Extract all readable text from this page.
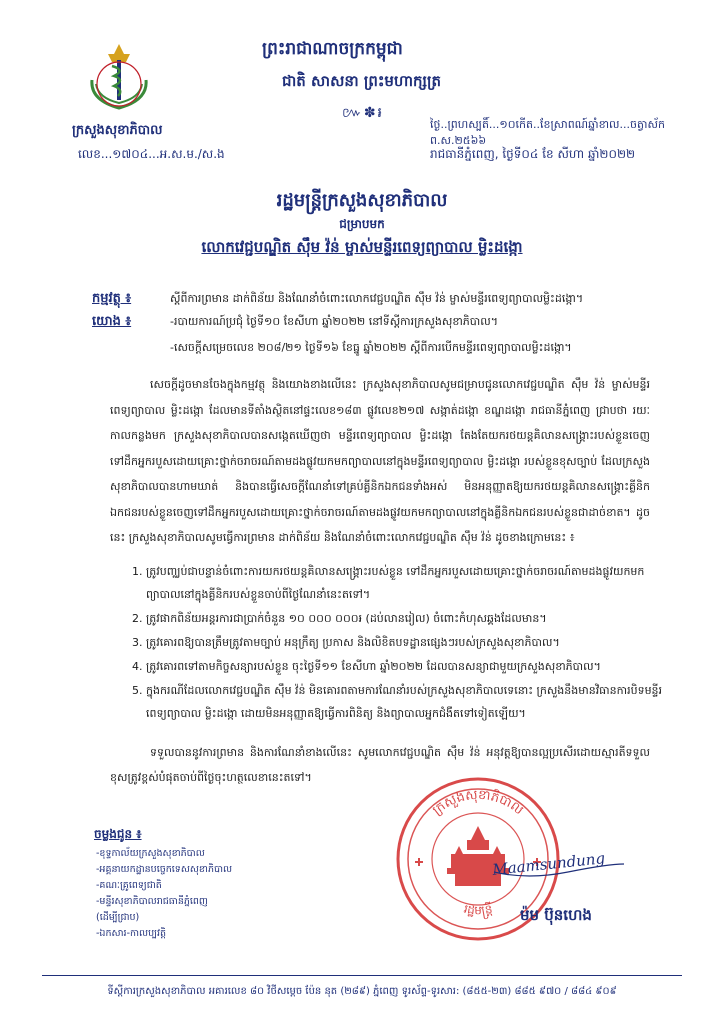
ព្រះរាជាណាចក្រកម្ពុជា
ជាតិ សាសនា ព្រះមហាក្សត្រ
៚✽៛
ក្រសួងសុខាភិបាល
លេខ...១៧០៤...អ.ស.ម./ស.ង
ថ្ងៃ..ព្រហស្បតិ៍...១០កើត..ខែស្រាពណ៍ឆ្នាំខាល...ចត្វាស័ក ព.ស.២៥៦៦
រាជធានីភ្នំពេញ, ថ្ងៃទី០៤ ខែ សីហា ឆ្នាំ២០២២
រដ្ឋមន្ត្រីក្រសួងសុខាភិបាល
ជម្រាបមក
លោកវេជ្ជបណ្ឌិត ស៊ឹម វ៉ន់ ម្ចាស់មន្ទីរពេទ្យព្យាបាល ម្លិះដង្កោ
កម្មវត្ថុ ៖	ស្ដីពីការព្រមាន ដាក់ពិន័យ និងណែនាំចំពោះលោកវេជ្ជបណ្ឌិត ស៊ឹម វ៉ន់ ម្ចាស់មន្ទីរពេទ្យព្យាបាលម្លិះដង្កោ។
យោង ៖	-របាយការណ៍ប្រជុំ ថ្ងៃទី១០ ខែសីហា ឆ្នាំ២០២២ នៅទីស្ដីការក្រសួងសុខាភិបាល។
-សេចក្ដីសម្រេចលេខ ២០៨/២១ ថ្ងៃទី១៦ ខែធ្នូ ឆ្នាំ២០២២ ស្ដីពីការបើកមន្ទីរពេទ្យព្យាបាលម្លិះដង្កោ។
សេចក្ដីដូចមានចែងក្នុងកម្មវត្ថុ និងយោងខាងលើនេះ ក្រសួងសុខាភិបាលសូមជម្រាបជូនលោកវេជ្ជបណ្ឌិត ស៊ឹម វ៉ន់ ម្ចាស់មន្ទីរពេទ្យព្យាបាល ម្លិះដង្កោ ដែលមានទីតាំងស្ថិតនៅផ្ទះលេខ១៨៣ ផ្លូវលេខ២១៧ សង្កាត់ដង្កោ ខណ្ឌដង្កោ រាជធានីភ្នំពេញ ជ្រាបថា រយៈកាលកន្លងមក ក្រសួងសុខាភិបាលបានសង្កេតឃើញថា មន្ទីរពេទ្យព្យាបាល ម្លិះដង្កោ តែងតែយករថយន្តគិលានសង្គ្រោះរបស់ខ្លួនចេញទៅដឹកអ្នករបួសដោយគ្រោះថ្នាក់ចរាចរណ៍តាមដងផ្លូវយកមកព្យាបាលនៅក្នុងមន្ទីរពេទ្យព្យាបាល ម្លិះដង្កោ របស់ខ្លួនខុសច្បាប់ ដែលក្រសួងសុខាភិបាលបានហាមឃាត់ និងបានធ្វើសេចក្ដីណែនាំទៅគ្រប់គ្លីនិកឯកជនទាំងអស់ មិនអនុញ្ញាតឱ្យយករថយន្តគិលានសង្គ្រោះគ្លីនិកឯកជនរបស់ខ្លួនចេញទៅដឹកអ្នករបួសដោយគ្រោះថ្នាក់ចរាចរណ៍តាមដងផ្លូវយកមកព្យាបាលនៅក្នុងគ្លីនិកឯកជនរបស់ខ្លួនជាដាច់ខាត។ ដូចនេះ ក្រសួងសុខាភិបាលសូមធ្វើការព្រមាន ដាក់ពិន័យ និងណែនាំចំពោះលោកវេជ្ជបណ្ឌិត ស៊ឹម វ៉ន់ ដូចខាងក្រោមនេះ ៖
1. ត្រូវបញ្ឈប់ជាបន្ទាន់ចំពោះការយករថយន្តគិលានសង្គ្រោះរបស់ខ្លួន ទៅដឹកអ្នករបួសដោយគ្រោះថ្នាក់ចរាចរណ៍តាមដងផ្លូវយកមកព្យាបាលនៅក្នុងគ្លីនិករបស់ខ្លួនចាប់ពីថ្ងៃណែនាំនេះតទៅ។
2. ត្រូវផាកពិន័យអន្តរការជាប្រាក់ចំនួន ១០ ០០០ ០០០៛ (ដប់លានរៀល) ចំពោះកំហុសឆ្គងដែលមាន។
3. ត្រូវគោរពឱ្យបានត្រឹមត្រូវតាមច្បាប់ អនុក្រឹត្យ ប្រកាស និងលិខិតបទដ្ឋានផ្សេងៗរបស់ក្រសួងសុខាភិបាល។
4. ត្រូវគោរពទៅតាមកិច្ចសន្យារបស់ខ្លួន ចុះថ្ងៃទី១១ ខែសីហា ឆ្នាំ២០២២ ដែលបានសន្យាជាមួយក្រសួងសុខាភិបាល។
5. ក្នុងករណីដែលលោកវេជ្ជបណ្ឌិត ស៊ឹម វ៉ន់ មិនគោរពតាមការណែនាំរបស់ក្រសួងសុខាភិបាលទេនោះ ក្រសួងនឹងមានវិធានការបិទមន្ទីរពេទ្យព្យាបាល ម្លិះដង្កោ ដោយមិនអនុញ្ញាតឱ្យធ្វើការពិនិត្យ និងព្យាបាលអ្នកជំងឺតទៅទៀតឡើយ។
ទទួលបាននូវការព្រមាន និងការណែនាំខាងលើនេះ សូមលោកវេជ្ជបណ្ឌិត ស៊ឹម វ៉ន់ អនុវត្តឱ្យបានល្អប្រសើរដោយស្មារតីទទួលខុសត្រូវខ្ពស់បំផុតចាប់ពីថ្ងៃចុះហត្ថលេខានេះតទៅ។
ចម្លងជូន ៖
-ខុទ្ទកាល័យក្រសួងសុខាភិបាល
-អគ្គនាយកដ្ឋានបច្ចេកទេសសុខាភិបាល
-គណៈគ្រូពេទ្យជាតិ
-មន្ទីរសុខាភិបាលរាជធានីភ្នំពេញ
(ដើម្បីជ្រាប)
-ឯកសារ-កាលប្បវត្តិ
ក្រសួងសុខាភិបាល
រដ្ឋមន្ត្រី
Maamsundung
ម៉ម ប៊ុនហេង
ទីស្ដីការក្រសួងសុខាភិបាល អគារលេខ ៨០ វិថីសម្ដេច ប៉ែន នុត (២៨៩) ភ្នំពេញ ទូរស័ព្ទ-ទូរសារ: (៨៥៥-២៣) ៨៨៥ ៩៧០ / ៨៨៤ ៩០៩
